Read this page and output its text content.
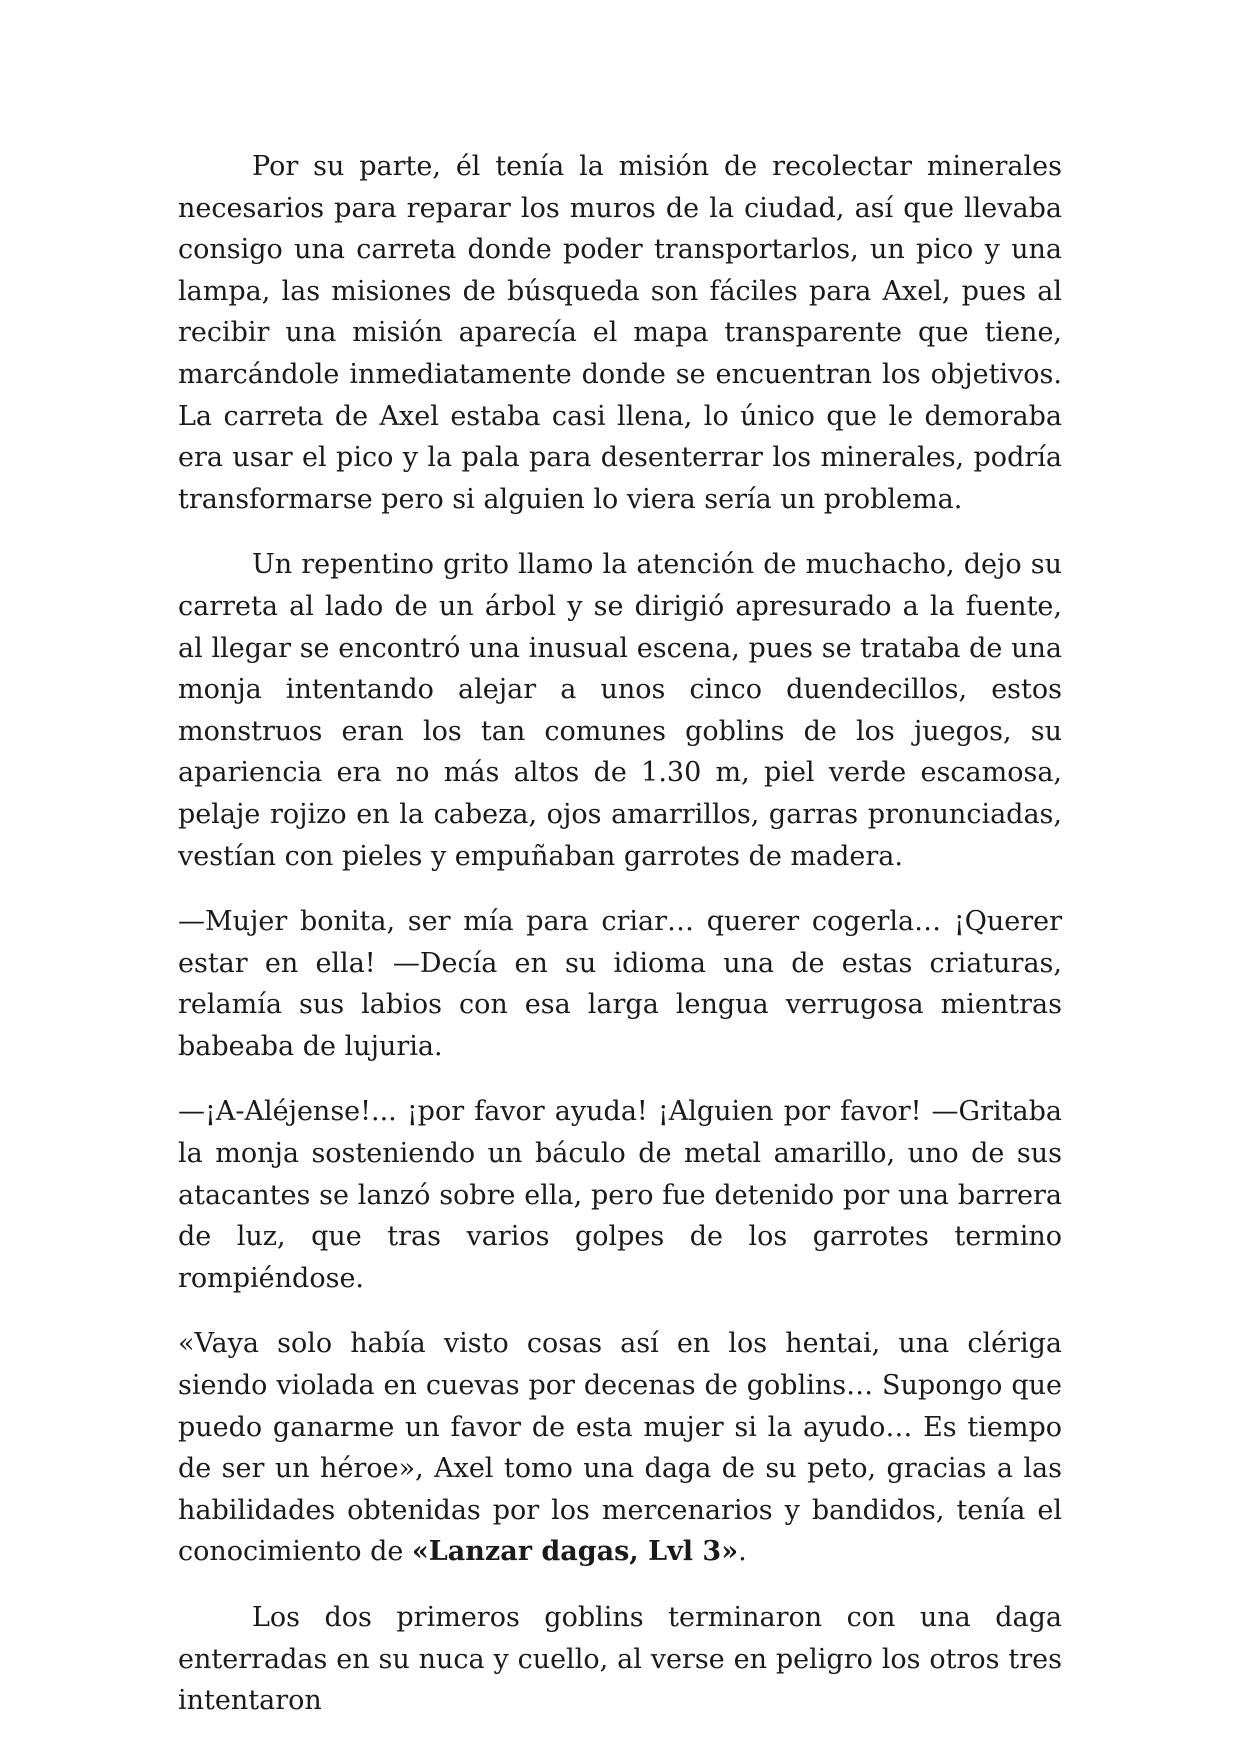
Por su parte, él tenía la misión de recolectar minerales necesarios para reparar los muros de la ciudad, así que llevaba consigo una carreta donde poder transportarlos, un pico y una lampa, las misiones de búsqueda son fáciles para Axel, pues al recibir una misión aparecía el mapa transparente que tiene, marcándole inmediatamente donde se encuentran los objetivos. La carreta de Axel estaba casi llena, lo único que le demoraba era usar el pico y la pala para desenterrar los minerales, podría transformarse pero si alguien lo viera sería un problema.

Un repentino grito llamo la atención de muchacho, dejo su carreta al lado de un árbol y se dirigió apresurado a la fuente, al llegar se encontró una inusual escena, pues se trataba de una monja intentando alejar a unos cinco duendecillos, estos monstruos eran los tan comunes goblins de los juegos, su apariencia era no más altos de 1.30 m, piel verde escamosa, pelaje rojizo en la cabeza, ojos amarrillos, garras pronunciadas, vestían con pieles y empuñaban garrotes de madera.

—Mujer bonita, ser mía para criar… querer cogerla… ¡Querer estar en ella! —Decía en su idioma una de estas criaturas, relamía sus labios con esa larga lengua verrugosa mientras babeaba de lujuria.

—¡A-Aléjense!... ¡por favor ayuda! ¡Alguien por favor! —Gritaba la monja sosteniendo un báculo de metal amarillo, uno de sus atacantes se lanzó sobre ella, pero fue detenido por una barrera de luz, que tras varios golpes de los garrotes termino rompiéndose.

«Vaya solo había visto cosas así en los hentai, una clériga siendo violada en cuevas por decenas de goblins… Supongo que puedo ganarme un favor de esta mujer si la ayudo… Es tiempo de ser un héroe», Axel tomo una daga de su peto, gracias a las habilidades obtenidas por los mercenarios y bandidos, tenía el conocimiento de «Lanzar dagas, Lvl 3».

Los dos primeros goblins terminaron con una daga enterradas en su nuca y cuello, al verse en peligro los otros tres intentaron
